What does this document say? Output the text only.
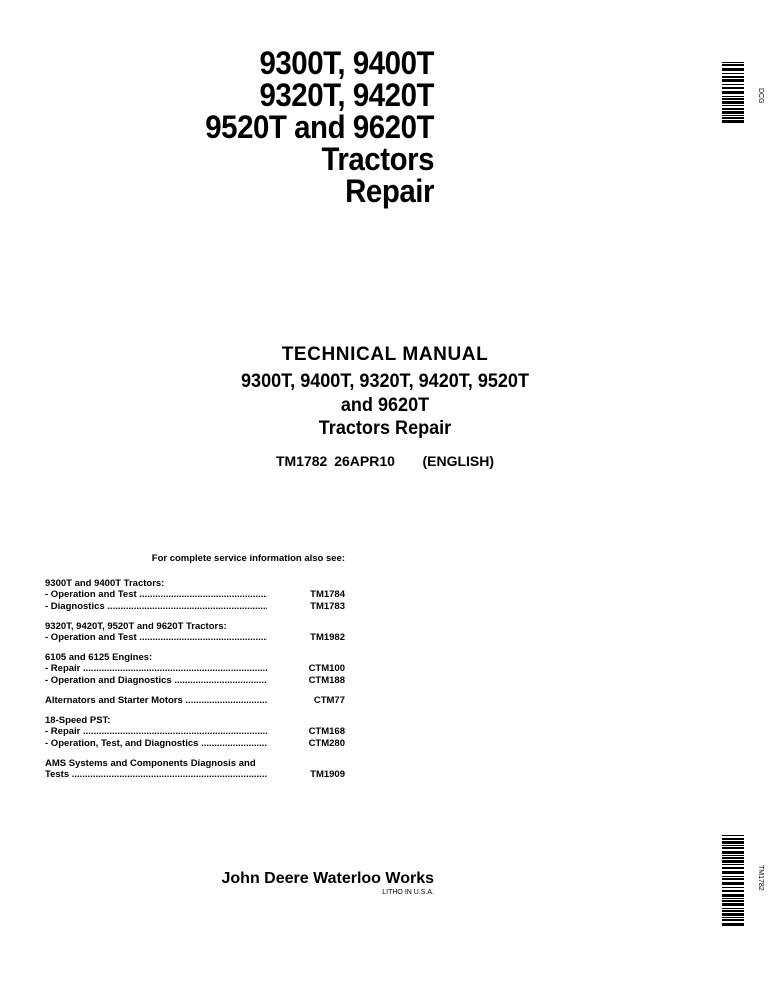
9300T, 9400T
9320T, 9420T
9520T and 9620T
Tractors
Repair
DCG
TECHNICAL MANUAL
9300T, 9400T, 9320T, 9420T, 9520T
and 9620T
Tractors Repair
TM1782 26APR10    (ENGLISH)
For complete service information also see:
9300T and 9400T Tractors:
- Operation and Test .....	TM1784
- Diagnostics .....	TM1783
9320T, 9420T, 9520T and 9620T Tractors:
- Operation and Test .....	TM1982
6105 and 6125 Engines:
- Repair .....	CTM100
- Operation and Diagnostics .....	CTM188
Alternators and Starter Motors .....	CTM77
18-Speed PST:
- Repair .....	CTM168
- Operation, Test, and Diagnostics .....	CTM280
AMS Systems and Components Diagnosis and
Tests .....	TM1909
John Deere Waterloo Works
LITHO IN U.S.A.
TM1782
